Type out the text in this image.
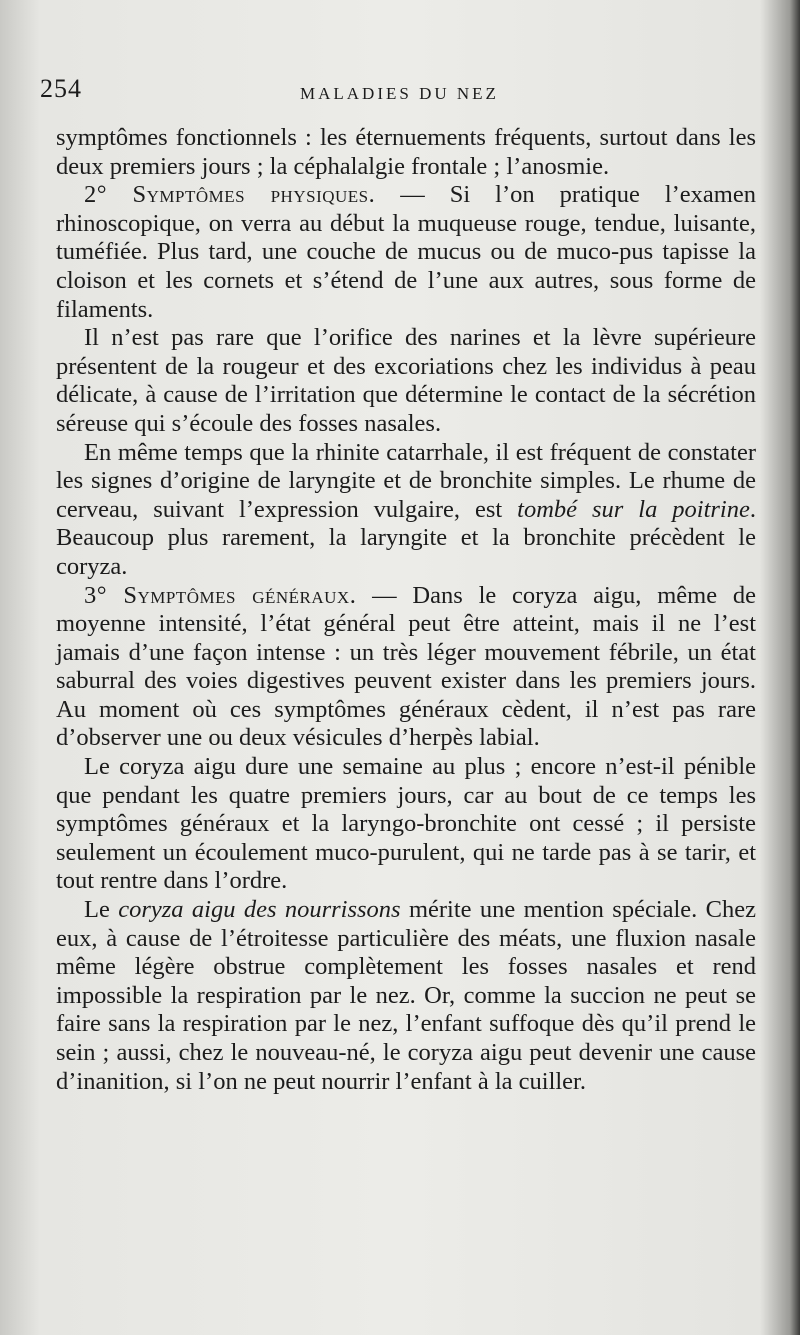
254	MALADIES DU NEZ

symptômes fonctionnels : les éternuements fréquents, surtout dans les deux premiers jours ; la céphalalgie frontale ; l’anosmie.

2° Symptômes physiques. — Si l’on pratique l’examen rhinoscopique, on verra au début la muqueuse rouge, tendue, luisante, tuméfiée. Plus tard, une couche de mucus ou de muco-pus tapisse la cloison et les cornets et s’étend de l’une aux autres, sous forme de filaments.

Il n’est pas rare que l’orifice des narines et la lèvre supérieure présentent de la rougeur et des excoriations chez les individus à peau délicate, à cause de l’irritation que détermine le contact de la sécrétion séreuse qui s’écoule des fosses nasales.

En même temps que la rhinite catarrhale, il est fréquent de constater les signes d’origine de laryngite et de bronchite simples. Le rhume de cerveau, suivant l’expression vulgaire, est tombé sur la poitrine. Beaucoup plus rarement, la laryngite et la bronchite précèdent le coryza.

3° Symptômes généraux. — Dans le coryza aigu, même de moyenne intensité, l’état général peut être atteint, mais il ne l’est jamais d’une façon intense : un très léger mouvement fébrile, un état saburral des voies digestives peuvent exister dans les premiers jours. Au moment où ces symptômes généraux cèdent, il n’est pas rare d’observer une ou deux vésicules d’herpès labial.

Le coryza aigu dure une semaine au plus ; encore n’est-il pénible que pendant les quatre premiers jours, car au bout de ce temps les symptômes généraux et la laryngo-bronchite ont cessé ; il persiste seulement un écoulement muco-purulent, qui ne tarde pas à se tarir, et tout rentre dans l’ordre.

Le coryza aigu des nourrissons mérite une mention spéciale. Chez eux, à cause de l’étroitesse particulière des méats, une fluxion nasale même légère obstrue complètement les fosses nasales et rend impossible la respiration par le nez. Or, comme la succion ne peut se faire sans la respiration par le nez, l’enfant suffoque dès qu’il prend le sein ; aussi, chez le nouveau-né, le coryza aigu peut devenir une cause d’inanition, si l’on ne peut nourrir l’enfant à la cuiller.
